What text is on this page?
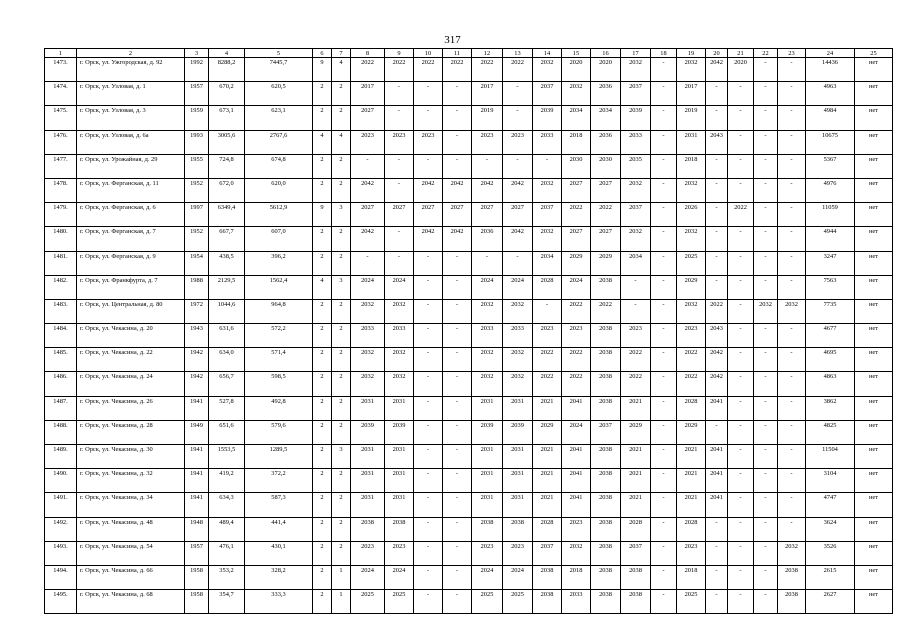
317
1	2	3	4	5	6	7	8	9	10	11	12	13	14	15	16	17	18	19	20	21	22	23	24	25
1473.	г. Орск, ул. Ужгородская, д. 92	1992	8288,2	7445,7	9	4	2022	2022	2022	2022	2022	2022	2032	2020	2020	2032	-	2032	2042	2020	-	-	14436	нет
1474.	г. Орск, ул. Узловая, д. 1	1957	670,2	620,5	2	2	2017	-	-	-	2017	-	2037	2032	2036	2037	-	2017	-	-	-	-	4963	нет
1475.	г. Орск, ул. Узловая, д. 3	1959	673,1	623,1	2	2	2027	-	-	-	2019	-	2039	2034	2034	2039	-	2019	-	-	-	-	4984	нет
1476.	г. Орск, ул. Узловая, д. 6а	1993	3005,6	2767,6	4	4	2023	2023	2023	-	2023	2023	2033	2018	2036	2033	-	2031	2043	-	-	-	10675	нет
1477.	г. Орск, ул. Урожайная, д. 29	1955	724,8	674,8	2	2	-	-	-	-	-	-	-	2030	2030	2035	-	2018	-	-	-	-	5367	нет
1478.	г. Орск, ул. Ферганская, д. 11	1952	672,0	620,0	2	2	2042	-	2042	2042	2042	2042	2032	2027	2027	2032	-	2032	-	-	-	-	4976	нет
1479.	г. Орск, ул. Ферганская, д. 6	1997	6349,4	5612,9	9	3	2027	2027	2027	2027	2027	2027	2037	2022	2022	2037	-	2026	-	2022	-	-	11059	нет
1480.	г. Орск, ул. Ферганская, д. 7	1952	667,7	607,0	2	2	2042	-	2042	2042	2036	2042	2032	2027	2027	2032	-	2032	-	-	-	-	4944	нет
1481.	г. Орск, ул. Ферганская, д. 9	1954	438,5	396,2	2	2	-	-	-	-	-	-	2034	2029	2029	2034	-	2025	-	-	-	-	3247	нет
1482.	г. Орск, ул. Франкфурта, д. 7	1988	2129,5	1562,4	4	3	2024	2024	-	-	2024	2024	2028	2024	2038	-	-	2029	-	-	-	-	7563	нет
1483.	г. Орск, ул. Центральная, д. 80	1972	1044,6	964,8	2	2	2032	2032	-	-	2032	2032	-	2022	2022	-	-	2032	2022	-	2032	2032	7735	нет
1484.	г. Орск, ул. Чекасина, д. 20	1943	631,6	572,2	2	2	2033	2033	-	-	2033	2033	2023	2023	2038	2023	-	2023	2043	-	-	-	4677	нет
1485.	г. Орск, ул. Чекасина, д. 22	1942	634,0	571,4	2	2	2032	2032	-	-	2032	2032	2022	2022	2038	2022	-	2022	2042	-	-	-	4695	нет
1486.	г. Орск, ул. Чекасина, д. 24	1942	656,7	598,5	2	2	2032	2032	-	-	2032	2032	2022	2022	2038	2022	-	2022	2042	-	-	-	4863	нет
1487.	г. Орск, ул. Чекасина, д. 26	1941	527,8	492,8	2	2	2031	2031	-	-	2031	2031	2021	2041	2038	2021	-	2028	2041	-	-	-	3862	нет
1488.	г. Орск, ул. Чекасина, д. 28	1949	651,6	579,6	2	2	2039	2039	-	-	2039	2039	2029	2024	2037	2029	-	2029	-	-	-	-	4825	нет
1489.	г. Орск, ул. Чекасина, д. 30	1941	1553,5	1289,5	2	3	2031	2031	-	-	2031	2031	2021	2041	2038	2021	-	2021	2041	-	-	-	11504	нет
1490.	г. Орск, ул. Чекасина, д. 32	1941	419,2	372,2	2	2	2031	2031	-	-	2031	2031	2021	2041	2038	2021	-	2021	2041	-	-	-	3104	нет
1491.	г. Орск, ул. Чекасина, д. 34	1941	634,3	587,3	2	2	2031	2031	-	-	2031	2031	2021	2041	2038	2021	-	2021	2041	-	-	-	4747	нет
1492.	г. Орск, ул. Чекасина, д. 48	1948	489,4	441,4	2	2	2038	2038	-	-	2038	2038	2028	2023	2038	2028	-	2028	-	-	-	-	3624	нет
1493.	г. Орск, ул. Чекасина, д. 54	1957	476,1	430,1	2	2	2023	2023	-	-	2023	2023	2037	2032	2038	2037	-	2023	-	-	-	2032	3526	нет
1494.	г. Орск, ул. Чекасина, д. 66	1958	353,2	328,2	2	1	2024	2024	-	-	2024	2024	2038	2018	2038	2038	-	2018	-	-	-	2038	2615	нет
1495.	г. Орск, ул. Чекасина, д. 68	1958	354,7	333,3	2	1	2025	2025	-	-	2025	2025	2038	2033	2038	2038	-	2025	-	-	-	2038	2627	нет
